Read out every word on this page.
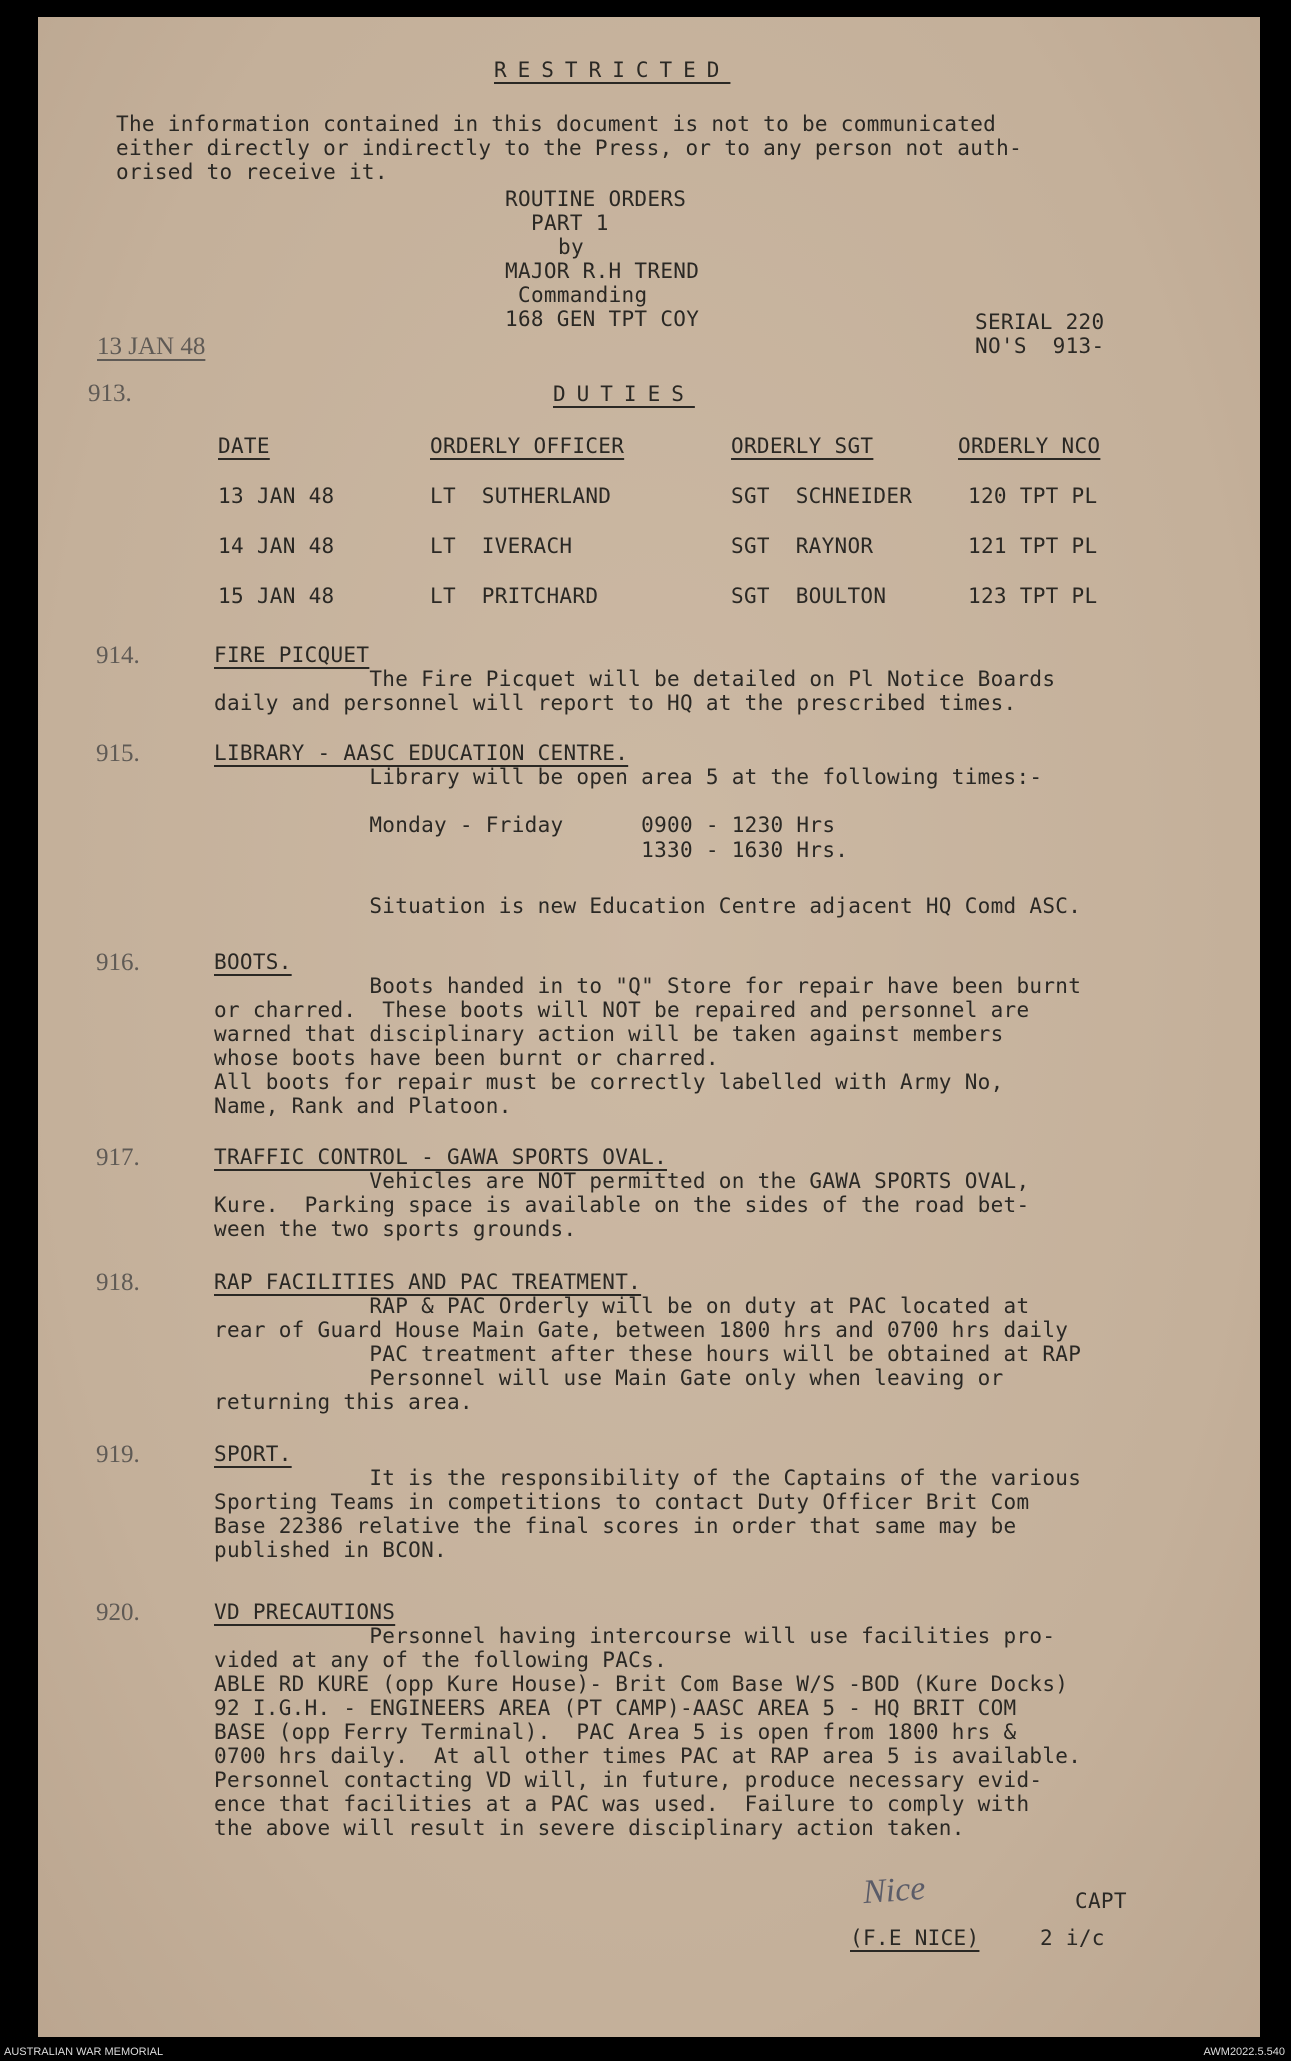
RESTRICTED
The information contained in this document is not to be communicated
either directly or indirectly to the Press, or to any person not auth-
orised to receive it.
ROUTINE ORDERS
PART 1
by
MAJOR R.H TREND
Commanding
168 GEN TPT COY	SERIAL 220
NO'S  913-
13 JAN 48
913.	DUTIES
DATE	ORDERLY OFFICER	ORDERLY SGT	ORDERLY NCO
13 JAN 48	LT  SUTHERLAND	SGT  SCHNEIDER	120 TPT PL
14 JAN 48	LT  IVERACH	SGT  RAYNOR	121 TPT PL
15 JAN 48	LT  PRITCHARD	SGT  BOULTON	123 TPT PL
914.	FIRE PICQUET
The Fire Picquet will be detailed on Pl Notice Boards
daily and personnel will report to HQ at the prescribed times.
915.	LIBRARY - AASC EDUCATION CENTRE.
Library will be open area 5 at the following times:-
Monday - Friday      0900 - 1230 Hrs
1330 - 1630 Hrs.
Situation is new Education Centre adjacent HQ Comd ASC.
916.	BOOTS.
Boots handed in to "Q" Store for repair have been burnt
or charred.  These boots will NOT be repaired and personnel are
warned that disciplinary action will be taken against members
whose boots have been burnt or charred.
All boots for repair must be correctly labelled with Army No,
Name, Rank and Platoon.
917.	TRAFFIC CONTROL - GAWA SPORTS OVAL.
Vehicles are NOT permitted on the GAWA SPORTS OVAL,
Kure.  Parking space is available on the sides of the road bet-
ween the two sports grounds.
918.	RAP FACILITIES AND PAC TREATMENT.
RAP & PAC Orderly will be on duty at PAC located at
rear of Guard House Main Gate, between 1800 hrs and 0700 hrs daily
PAC treatment after these hours will be obtained at RAP
Personnel will use Main Gate only when leaving or
returning this area.
919.	SPORT.
It is the responsibility of the Captains of the various
Sporting Teams in competitions to contact Duty Officer Brit Com
Base 22386 relative the final scores in order that same may be
published in BCON.
920.	VD PRECAUTIONS
Personnel having intercourse will use facilities pro-
vided at any of the following PACs.
ABLE RD KURE (opp Kure House)- Brit Com Base W/S -BOD (Kure Docks)
92 I.G.H. - ENGINEERS AREA (PT CAMP)-AASC AREA 5 - HQ BRIT COM
BASE (opp Ferry Terminal).  PAC Area 5 is open from 1800 hrs &
0700 hrs daily.  At all other times PAC at RAP area 5 is available.
Personnel contacting VD will, in future, produce necessary evid-
ence that facilities at a PAC was used.  Failure to comply with
the above will result in severe disciplinary action taken.
CAPT
(F.E NICE)	2 i/c
Nice
AUSTRALIAN WAR MEMORIAL	AWM2022.5.540
